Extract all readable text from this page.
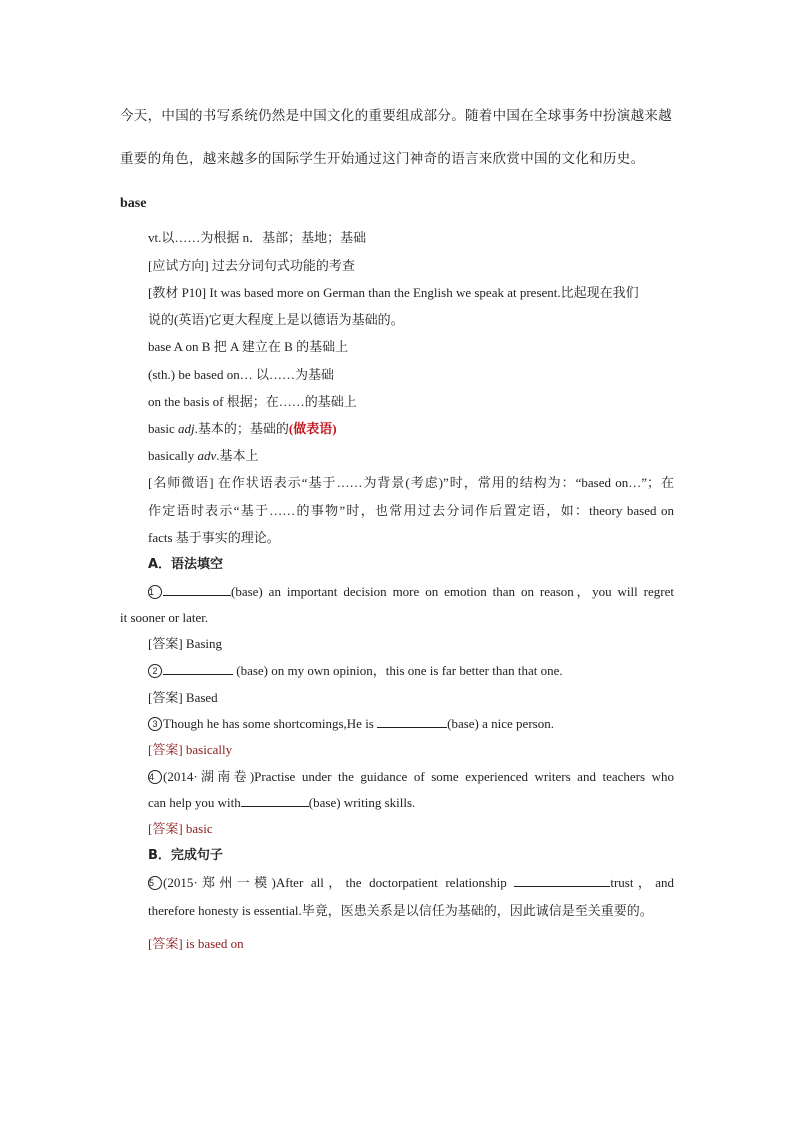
今天，中国的书写系统仍然是中国文化的重要组成部分。随着中国在全球事务中扮演越来越
重要的角色，越来越多的国际学生开始通过这门神奇的语言来欣赏中国的文化和历史。
base
vt.以……为根据 n．基部；基地；基础
[应试方向] 过去分词句式功能的考查
[教材 P10] It was based more on German than the English we speak at present.比起现在我们
说的(英语)它更大程度上是以德语为基础的。
base A on B 把 A 建立在 B 的基础上
(sth.) be based on… 以……为基础
on the basis of 根据；在……的基础上
basic adj.基本的；基础的(做表语)
basically adv.基本上
[名师微语] 在作状语表示“基于……为背景(考虑)”时，常用的结构为：“based on…”；在
作定语时表示“基于……的事物”时，也常用过去分词作后置定语，如：theory based on
facts 基于事实的理论。
A．语法填空
1	(base) an important decision more on emotion than on reason，you will regret
it sooner or later.
[答案] Basing
2	(base) on my own opinion，this one is far better than that one.
[答案] Based
3 Though he has some shortcomings,He is	(base) a nice person.
[答案] basically
4 (2014·湖南卷)Practise under the guidance of some experienced writers and teachers who
can help you with	(base) writing skills.
[答案] basic
B．完成句子
5 (2015·郑州一模)After all，the doctorpatient relationship	trust，and
therefore honesty is essential.毕竟，医患关系是以信任为基础的，因此诚信是至关重要的。
[答案] is based on
